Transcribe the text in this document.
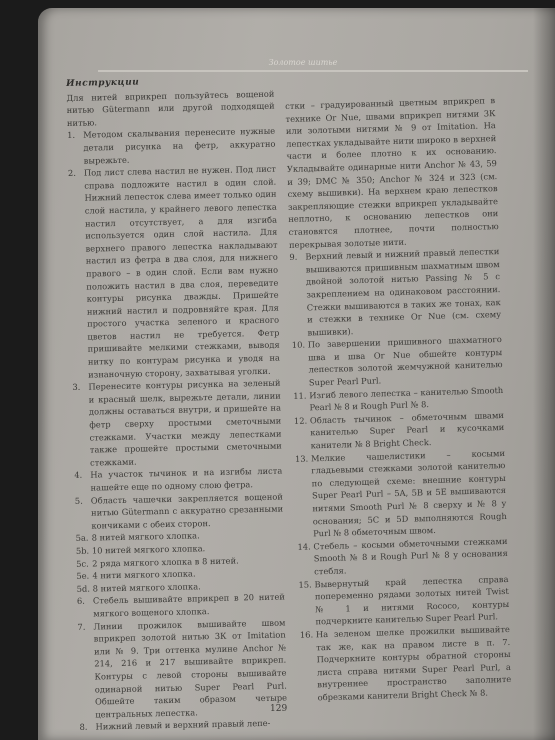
Золотое шитье
Инструкции

Для нитей вприкреп пользуйтесь вощеной нитью Gütermann или другой подходящей нитью.

1. Методом скалывания перенесите нужные детали рисунка на фетр, аккуратно вырежьте.
2. Под лист слева настил не нужен. Под лист справа подложите настил в один слой. Нижний лепесток слева имеет только один слой настила, у крайнего левого лепестка настил отсутствует, а для изгиба используется один слой настила. Для верхнего правого лепестка накладывают настил из фетра в два слоя, для нижнего правого – в один слой. Если вам нужно положить настил в два слоя, переведите контуры рисунка дважды. Пришейте нижний настил и подровняйте края. Для простого участка зеленого и красного цветов настил не требуется. Фетр пришивайте мелкими стежками, выводя нитку по контурам рисунка и уводя на изнаночную сторону, захватывая уголки.
3. Перенесите контуры рисунка на зеленый и красный шелк, вырежьте детали, линии должны оставаться внутри, и пришейте на фетр сверху простыми сметочными стежками. Участки между лепестками также прошейте простыми сметочными стежками.
4. На участок тычинок и на изгибы листа нашейте еще по одному слою фетра.
5. Область чашечки закрепляется вощеной нитью Gütermann с аккуратно срезанными кончиками с обеих сторон.
5a. 8 нитей мягкого хлопка.
5b. 10 нитей мягкого хлопка.
5c. 2 ряда мягкого хлопка в 8 нитей.
5e. 4 нити мягкого хлопка.
5d. 8 нитей мягкого хлопка.
6. Стебель вышивайте вприкреп в 20 нитей мягкого вощеного хлопка.
7. Линии прожилок вышивайте швом вприкреп золотой нитью 3К от Imitation или № 9. Три оттенка мулине Anchor № 214, 216 и 217 вышивайте вприкреп. Контуры с левой стороны вышивайте одинарной нитью Super Pearl Purl. Обшейте таким образом четыре центральных лепестка.
8. Нижний левый и верхний правый лепе-

стки – градуированный цветным вприкреп в технике Or Nue, швами вприкреп нитями 3К или золотыми нитями № 9 от Imitation. На лепестках укладывайте нити широко в верхней части и более плотно к их основанию. Укладывайте одинарные нити Anchor № 43, 59 и 39; DMC № 350; Anchor № 324 и 323 (см. схему вышивки). На верхнем краю лепестков закрепляющие стежки вприкреп укладывайте неплотно, к основанию лепестков они становятся плотнее, почти полностью перекрывая золотые нити.

9. Верхний левый и нижний правый лепестки вышиваются пришивным шахматным швом двойной золотой нитью Passing № 5 с закреплением на одинаковом расстоянии. Стежки вышиваются в таких же тонах, как и стежки в технике Or Nue (см. схему вышивки).
10. По завершении пришивного шахматного шва и шва Or Nue обшейте контуры лепестков золотой жемчужной канителью Super Pearl Purl.
11. Изгиб левого лепестка – канителью Smooth Pearl № 8 и Rough Purl № 8.
12. Область тычинок – обметочным швами канителью Super Pearl и кусочками канители № 8 Bright Check.
13. Мелкие чашелистики – косыми гладьевыми стежками золотой канителью по следующей схеме: внешние контуры Super Pearl Purl – 5A, 5B и 5E вышиваются нитями Smooth Purl № 8 сверху и № 8 у основания; 5C и 5D выполняются Rough Purl № 8 обметочным швом.
14. Стебель – косыми обметочными стежками Smooth № 8 и Rough Purl № 8 у основания стебля.
15. Вывернутый край лепестка справа попеременно рядами золотых нитей Twist № 1 и нитями Rococo, контуры подчеркните канителью Super Pearl Purl.
16. На зеленом шелке прожилки вышивайте так же, как на правом листе в п. 7. Подчеркните контуры обратной стороны листа справа нитями Super Pearl Purl, а внутреннее пространство заполните обрезками канители Bright Check № 8.
129
